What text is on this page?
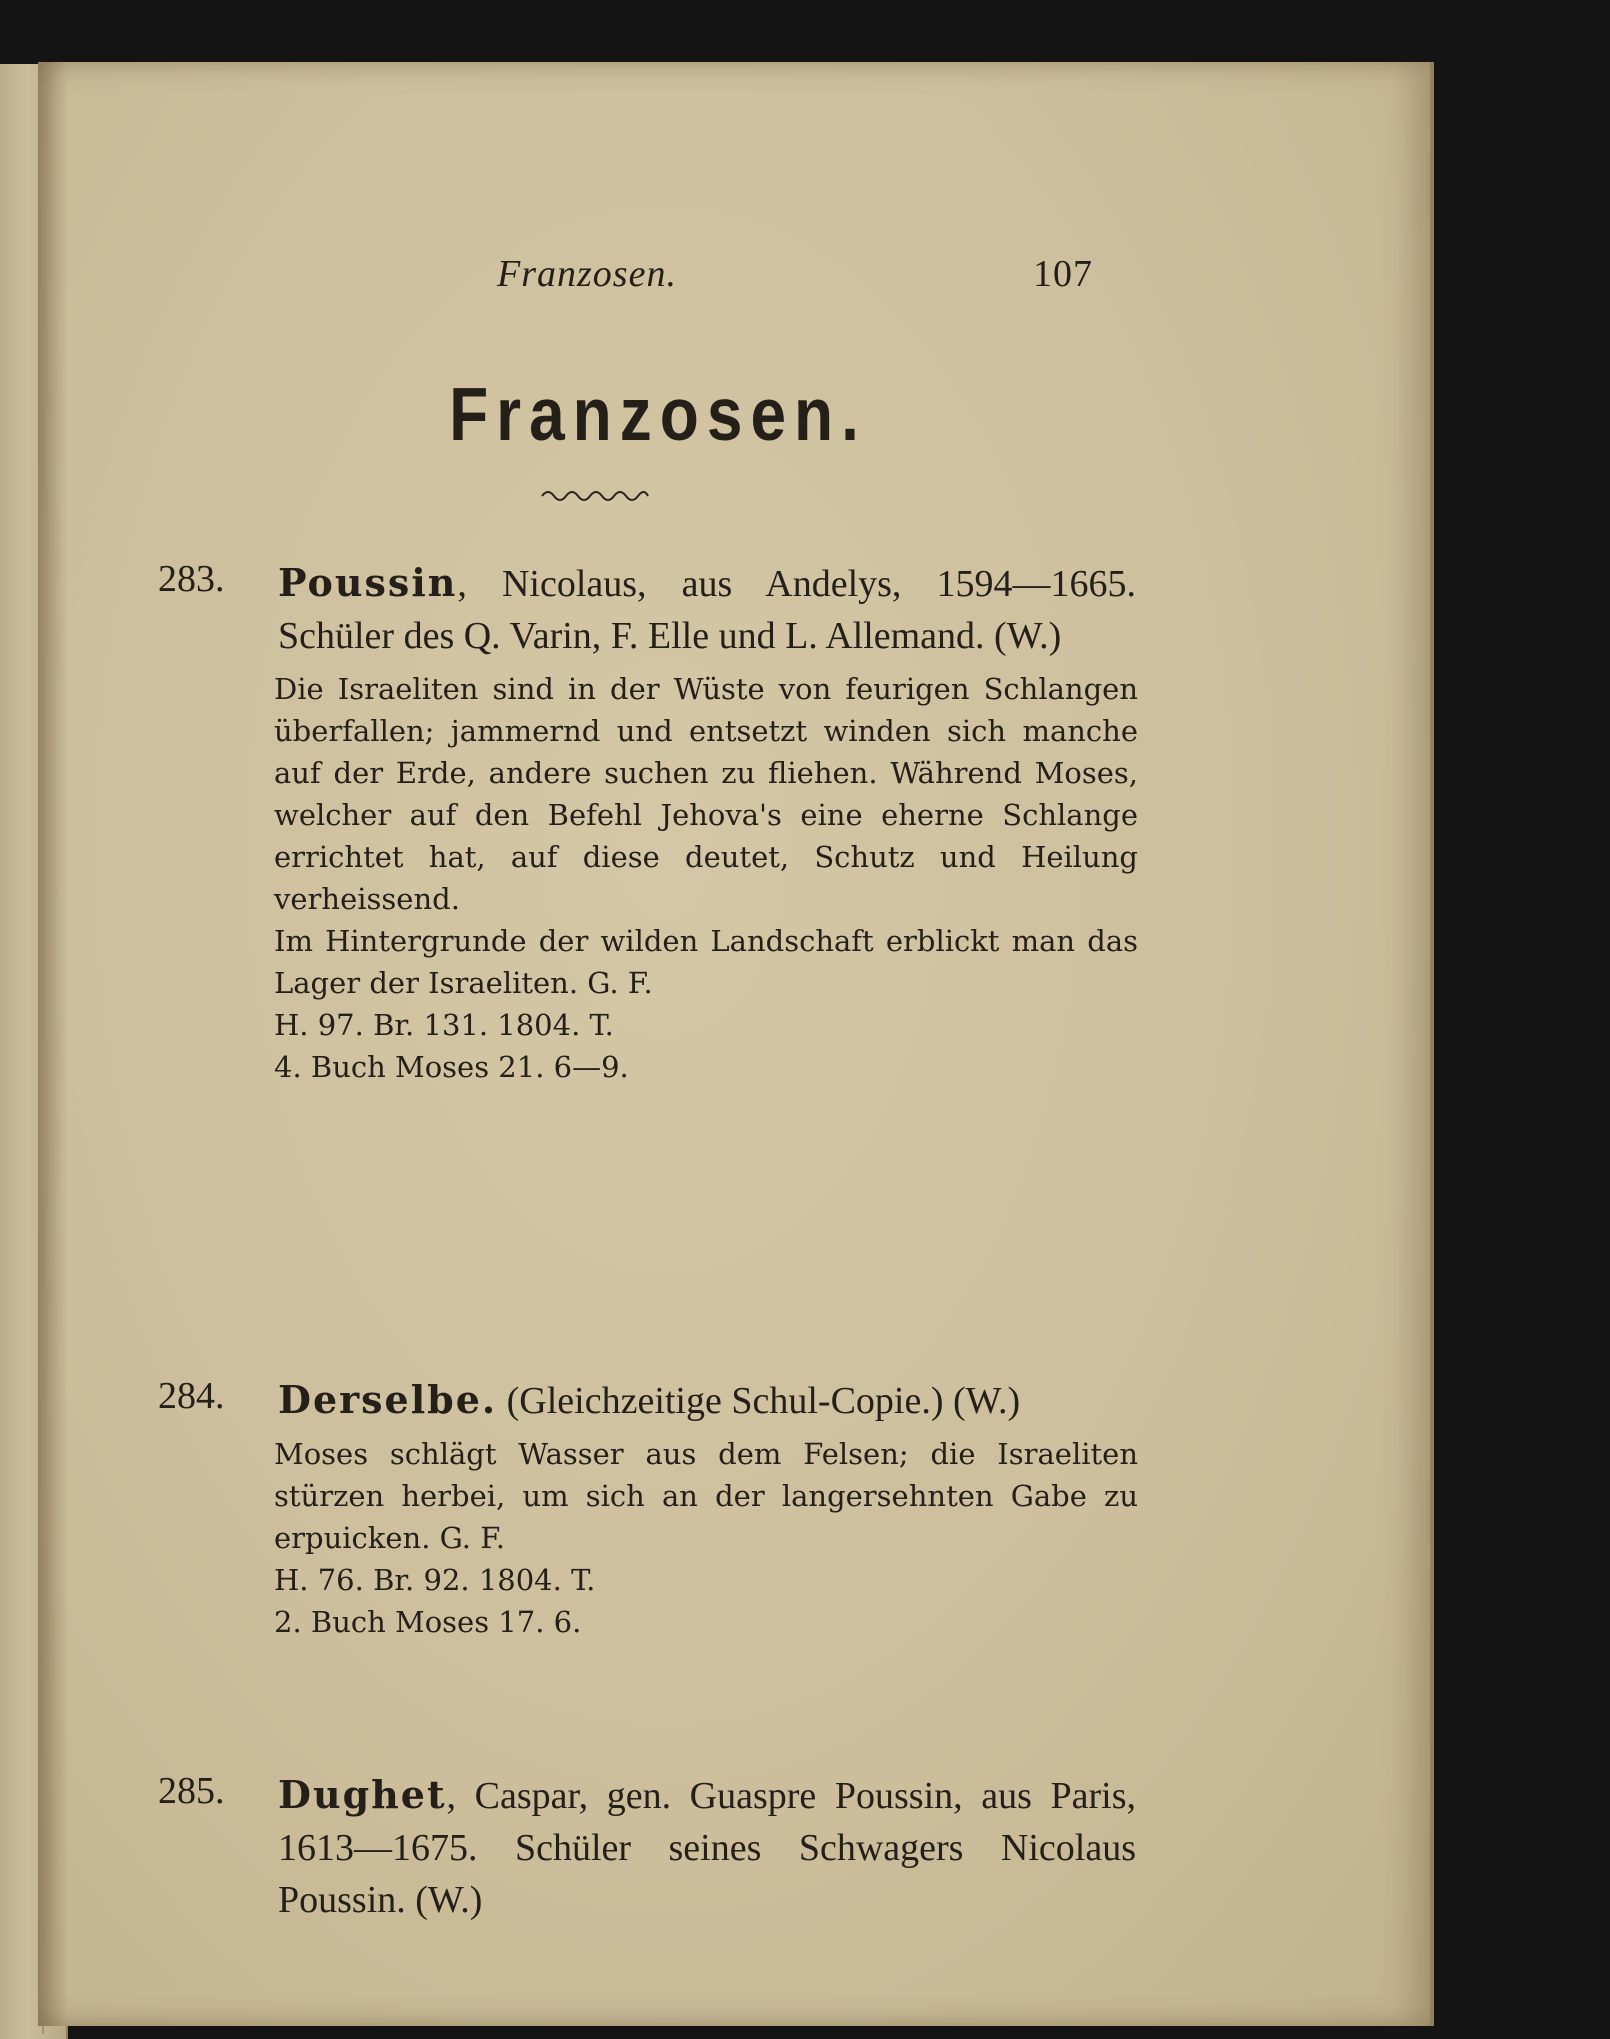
Franzosen.	107
Franzosen.
283. Poussin, Nicolaus, aus Andelys, 1594—1665. Schüler des Q. Varin, F. Elle und L. Allemand. (W.)

Die Israeliten sind in der Wüste von feurigen Schlangen überfallen; jammernd und entsetzt winden sich manche auf der Erde, andere suchen zu fliehen. Während Moses, welcher auf den Befehl Jehova's eine eherne Schlange errichtet hat, auf diese deutet, Schutz und Heilung verheissend.

Im Hintergrunde der wilden Landschaft erblickt man das Lager der Israeliten. G. F.

H. 97. Br. 131. 1804. T.

4. Buch Moses 21. 6—9.

284. Derselbe. (Gleichzeitige Schul-Copie.) (W.)

Moses schlägt Wasser aus dem Felsen; die Israeliten stürzen herbei, um sich an der langersehnten Gabe zu erpuicken. G. F.

H. 76. Br. 92. 1804. T.

2. Buch Moses 17. 6.

285. Dughet, Caspar, gen. Guaspre Poussin, aus Paris, 1613—1675. Schüler seines Schwagers Nicolaus Poussin. (W.)
